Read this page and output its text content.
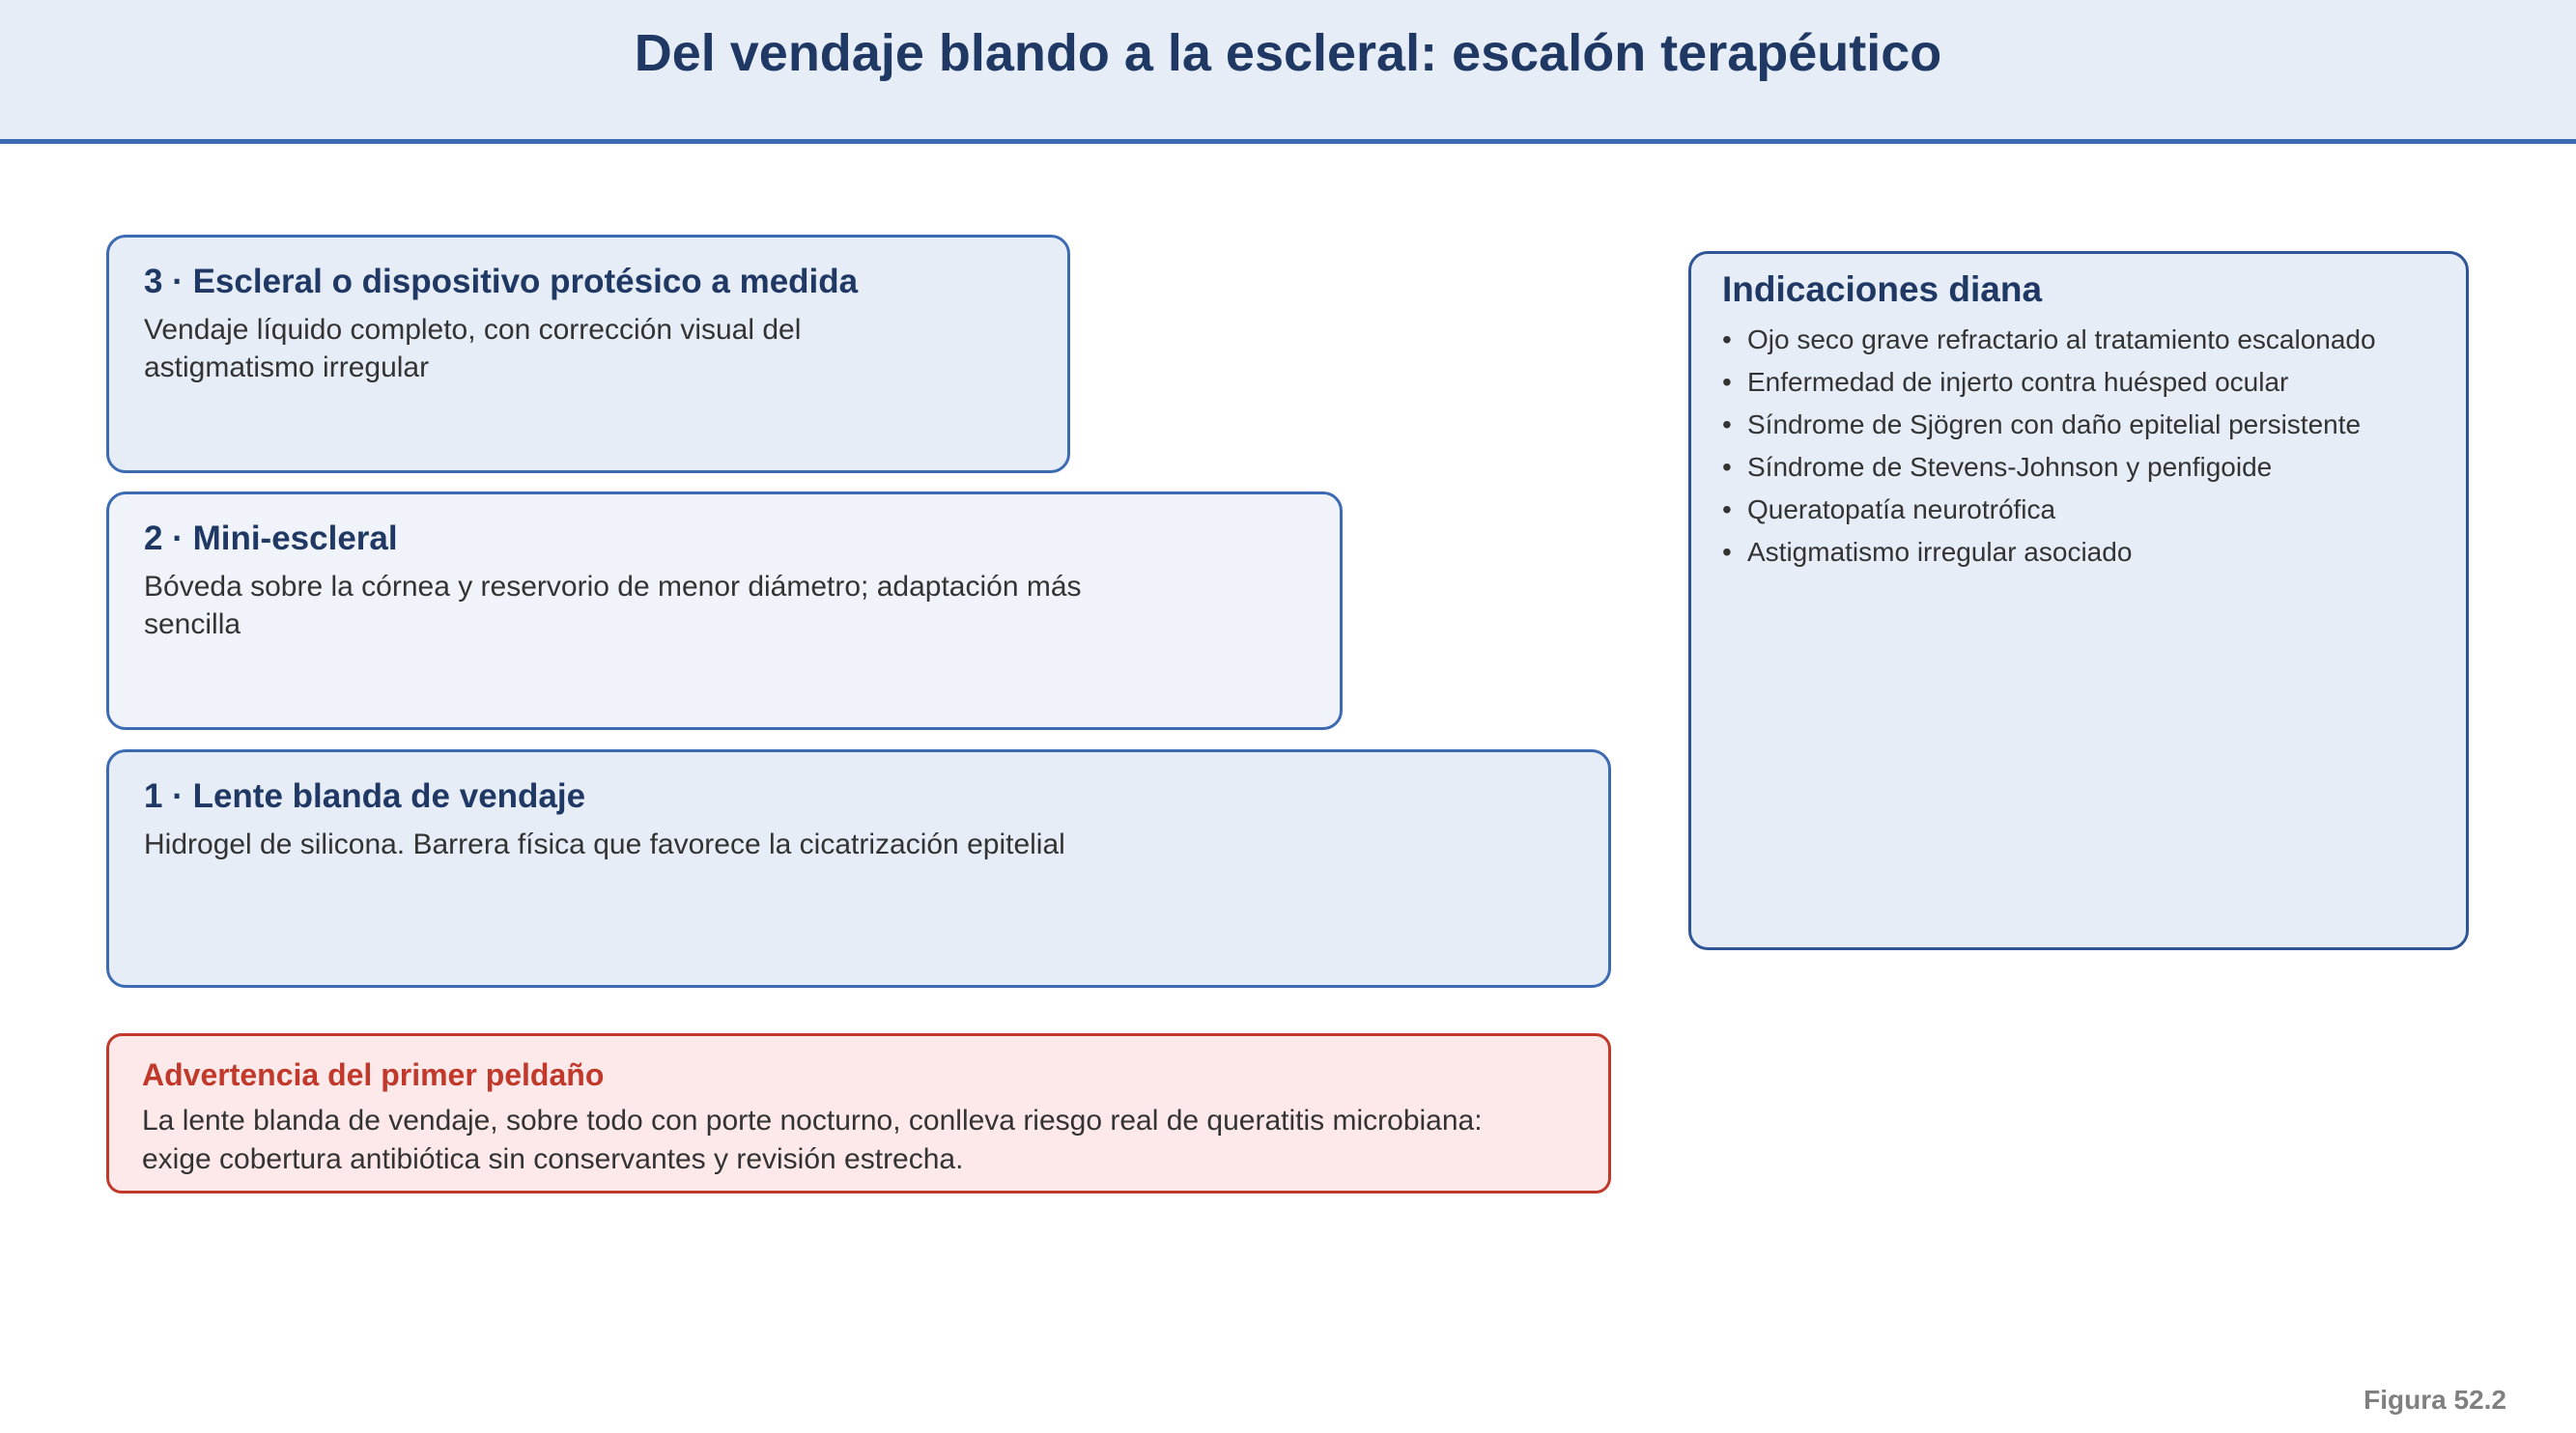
Del vendaje blando a la escleral: escalón terapéutico
3 · Escleral o dispositivo protésico a medida
Vendaje líquido completo, con corrección visual del astigmatismo irregular
2 · Mini-escleral
Bóveda sobre la córnea y reservorio de menor diámetro; adaptación más sencilla
1 · Lente blanda de vendaje
Hidrogel de silicona. Barrera física que favorece la cicatrización epitelial
Advertencia del primer peldaño
La lente blanda de vendaje, sobre todo con porte nocturno, conlleva riesgo real de queratitis microbiana: exige cobertura antibiótica sin conservantes y revisión estrecha.
Indicaciones diana
• Ojo seco grave refractario al tratamiento escalonado
• Enfermedad de injerto contra huésped ocular
• Síndrome de Sjögren con daño epitelial persistente
• Síndrome de Stevens-Johnson y penfigoide
• Queratopatía neurotrófica
• Astigmatismo irregular asociado
Figura 52.2
